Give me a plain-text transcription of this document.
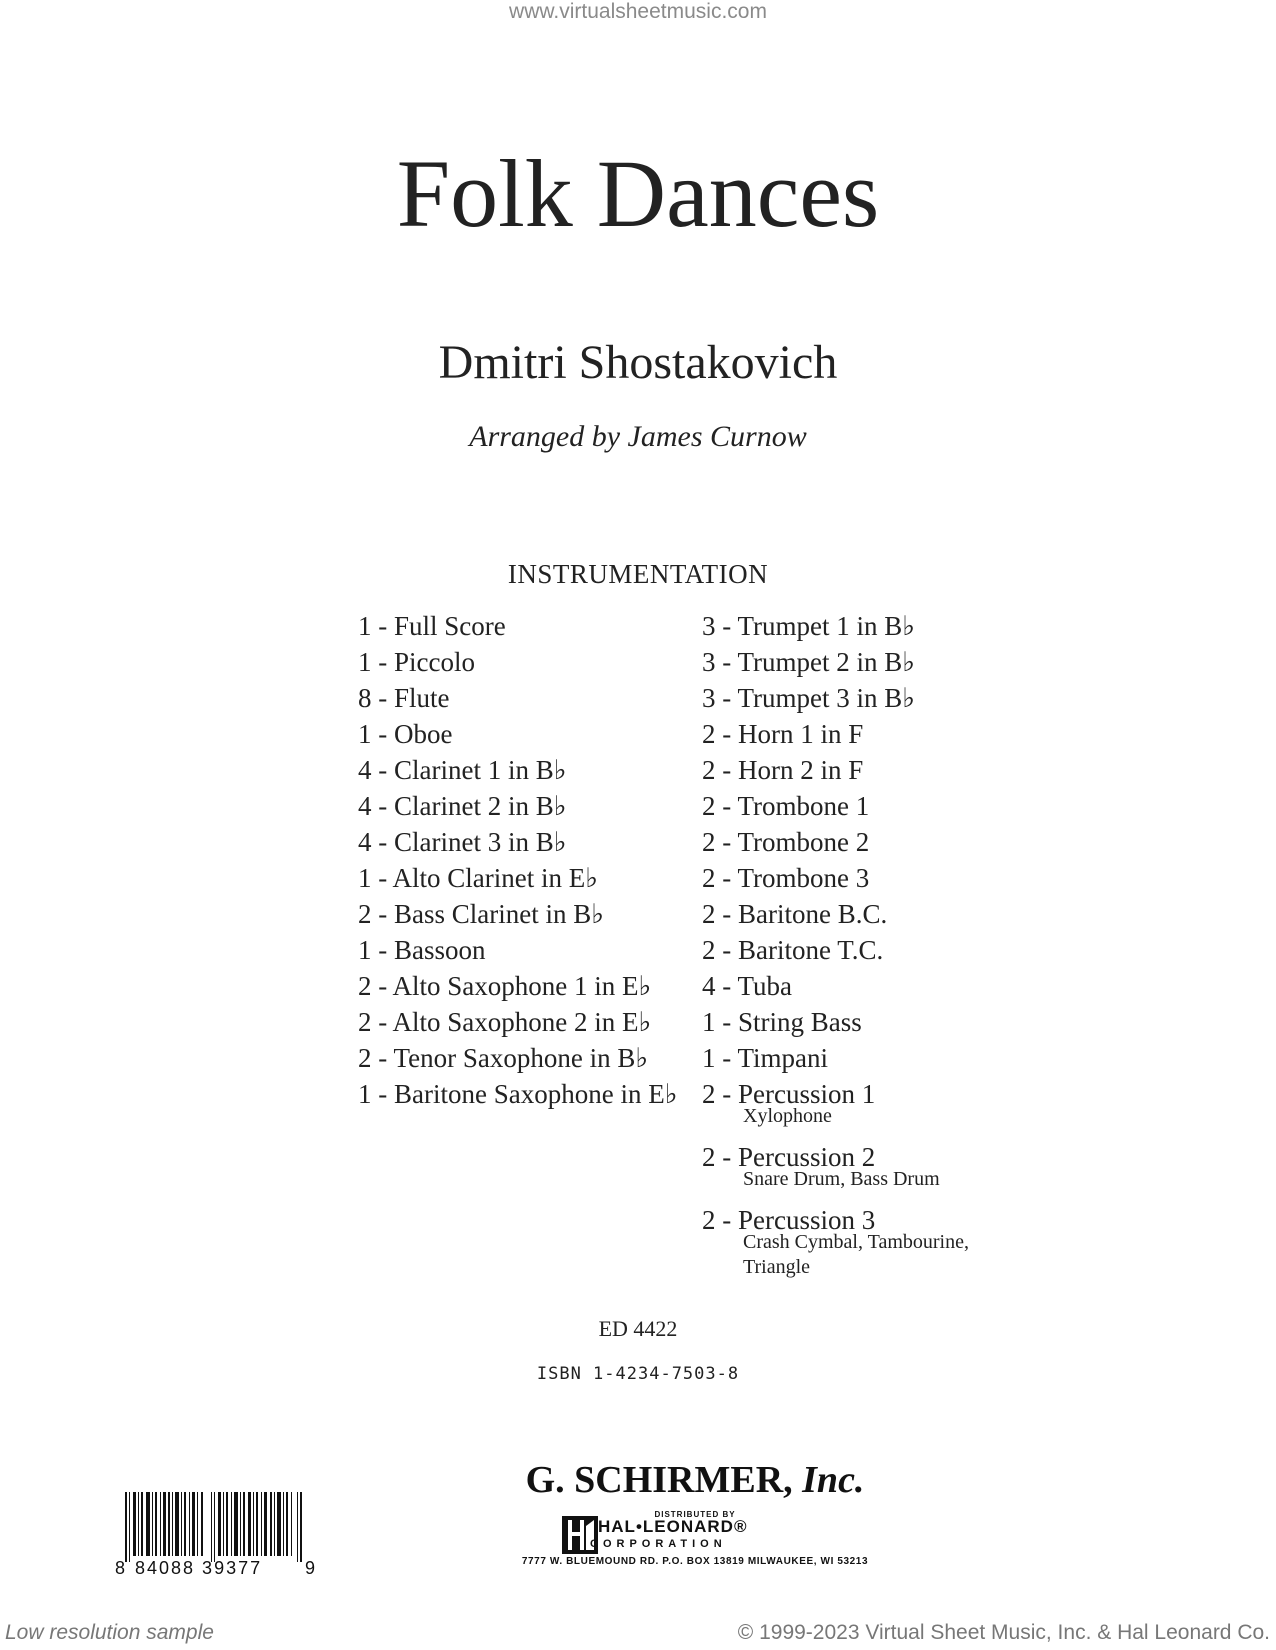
www.virtualsheetmusic.com
Folk Dances
Dmitri Shostakovich
Arranged by James Curnow
INSTRUMENTATION
1 - Full Score
1 - Piccolo
8 - Flute
1 - Oboe
4 - Clarinet 1 in B♭
4 - Clarinet 2 in B♭
4 - Clarinet 3 in B♭
1 - Alto Clarinet in E♭
2 - Bass Clarinet in B♭
1 - Bassoon
2 - Alto Saxophone 1 in E♭
2 - Alto Saxophone 2 in E♭
2 - Tenor Saxophone in B♭
1 - Baritone Saxophone in E♭
3 - Trumpet 1 in B♭
3 - Trumpet 2 in B♭
3 - Trumpet 3 in B♭
2 - Horn 1 in F
2 - Horn 2 in F
2 - Trombone 1
2 - Trombone 2
2 - Trombone 3
2 - Baritone B.C.
2 - Baritone T.C.
4 - Tuba
1 - String Bass
1 - Timpani
2 - Percussion 1
Xylophone
2 - Percussion 2
Snare Drum, Bass Drum
2 - Percussion 3
Crash Cymbal, Tambourine,
Triangle
ED 4422
ISBN 1-4234-7503-8
G. SCHIRMER, Inc.
DISTRIBUTED BY
HAL•LEONARD®
CORPORATION
7777 W. BLUEMOUND RD. P.O. BOX 13819 MILWAUKEE, WI 53213
8 84088 39377 9
Low resolution sample	© 1999-2023 Virtual Sheet Music, Inc. & Hal Leonard Co.
